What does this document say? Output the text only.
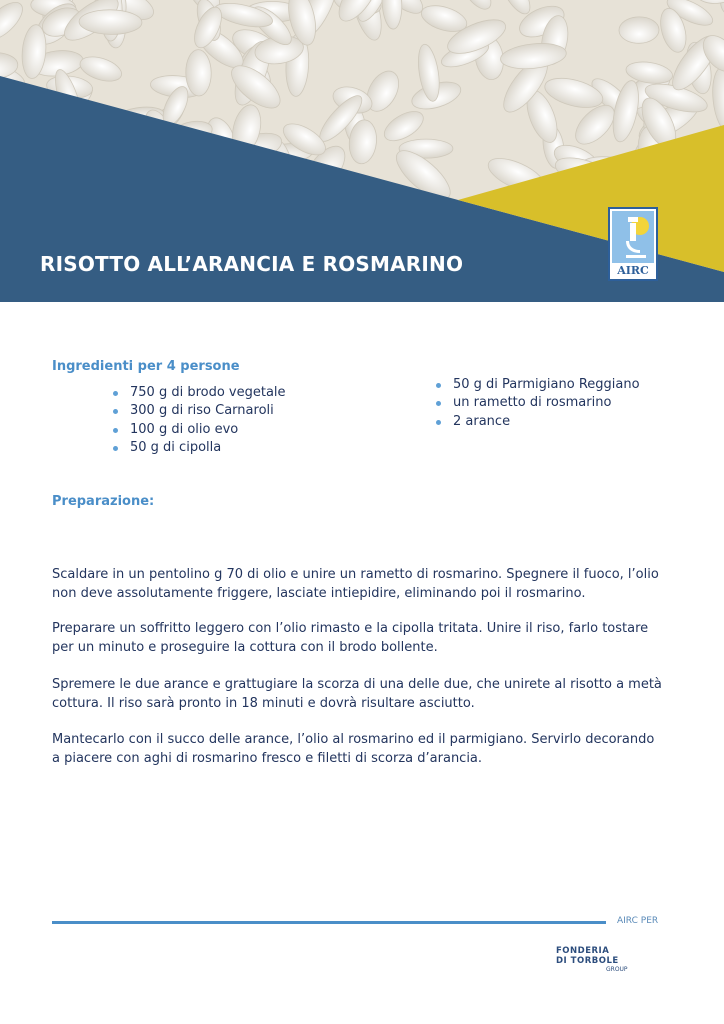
RISOTTO ALL’ARANCIA E ROSMARINO	AIRC
Ingredienti per 4 persone
750 g di brodo vegetale
300 g di riso Carnaroli
100 g di olio evo
50 g di cipolla
50 g di Parmigiano Reggiano
un rametto di rosmarino
2 arance
Preparazione:

Scaldare in un pentolino g 70 di olio e unire un rametto di rosmarino. Spegnere il fuoco, l’olio non deve assolutamente friggere, lasciate intiepidire, eliminando poi il rosmarino.

Preparare un soffritto leggero con l’olio rimasto e la cipolla tritata. Unire il riso, farlo tostare per un minuto e proseguire la cottura con il brodo bollente.

Spremere le due arance e grattugiare la scorza di una delle due, che unirete al risotto a metà cottura. Il riso sarà pronto in 18 minuti e dovrà risultare asciutto.

Mantecarlo con il succo delle arance, l’olio al rosmarino ed il parmigiano. Servirlo decorando a piacere con aghi di rosmarino fresco e filetti di scorza d’arancia.

AIRC PER
FONDERIA
DI TORBOLE
GROUP
